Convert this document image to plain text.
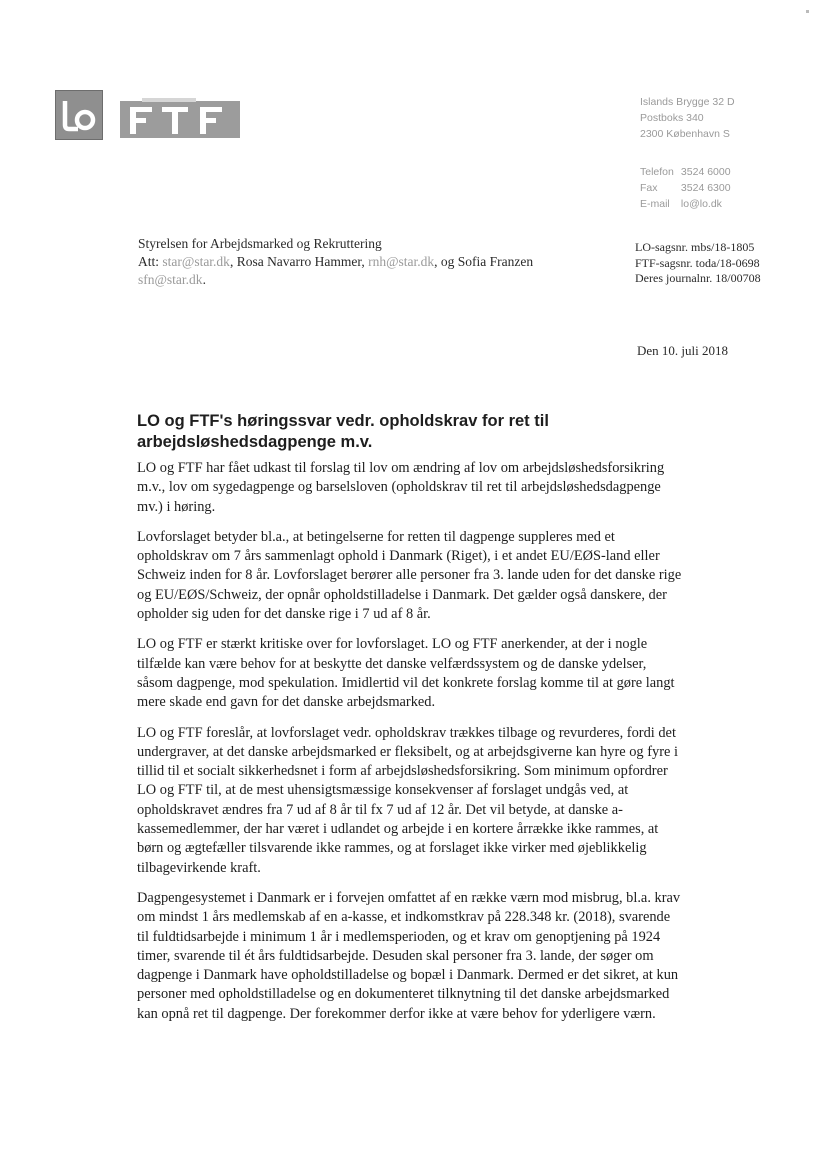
Islands Brygge 32 D
Postboks 340
2300 København S
Telefon 3524 6000
Fax 3524 6300
E-mail lo@lo.dk
Styrelsen for Arbejdsmarked og Rekruttering
Att: star@star.dk, Rosa Navarro Hammer, rnh@star.dk, og Sofia Franzen
sfn@star.dk.
LO-sagsnr. mbs/18-1805
FTF-sagsnr. toda/18-0698
Deres journalnr. 18/00708
Den 10. juli 2018
LO og FTF's høringssvar vedr. opholdskrav for ret til arbejdsløshedsdagpenge m.v.

LO og FTF har fået udkast til forslag til lov om ændring af lov om arbejdsløshedsforsikring m.v., lov om sygedagpenge og barselsloven (opholdskrav til ret til arbejdsløshedsdagpenge mv.) i høring.

Lovforslaget betyder bl.a., at betingelserne for retten til dagpenge suppleres med et opholdskrav om 7 års sammenlagt ophold i Danmark (Riget), i et andet EU/EØS-land eller Schweiz inden for 8 år. Lovforslaget berører alle personer fra 3. lande uden for det danske rige og EU/EØS/Schweiz, der opnår opholdstilladelse i Danmark. Det gælder også danskere, der opholder sig uden for det danske rige i 7 ud af 8 år.

LO og FTF er stærkt kritiske over for lovforslaget. LO og FTF anerkender, at der i nogle tilfælde kan være behov for at beskytte det danske velfærdssystem og de danske ydelser, såsom dagpenge, mod spekulation. Imidlertid vil det konkrete forslag komme til at gøre langt mere skade end gavn for det danske arbejdsmarked.

LO og FTF foreslår, at lovforslaget vedr. opholdskrav trækkes tilbage og revurderes, fordi det undergraver, at det danske arbejdsmarked er fleksibelt, og at arbejdsgiverne kan hyre og fyre i tillid til et socialt sikkerhedsnet i form af arbejdsløshedsforsikring. Som minimum opfordrer LO og FTF til, at de mest uhensigtsmæssige konsekvenser af forslaget undgås ved, at opholdskravet ændres fra 7 ud af 8 år til fx 7 ud af 12 år. Det vil betyde, at danske a-kassemedlemmer, der har været i udlandet og arbejde i en kortere årrække ikke rammes, at børn og ægtefæller tilsvarende ikke rammes, og at forslaget ikke virker med øjeblikkelig tilbagevirkende kraft.

Dagpengesystemet i Danmark er i forvejen omfattet af en række værn mod misbrug, bl.a. krav om mindst 1 års medlemskab af en a-kasse, et indkomstkrav på 228.348 kr. (2018), svarende til fuldtidsarbejde i minimum 1 år i medlemsperioden, og et krav om genoptjening på 1924 timer, svarende til ét års fuldtidsarbejde. Desuden skal personer fra 3. lande, der søger om dagpenge i Danmark have opholdstilladelse og bopæl i Danmark. Dermed er det sikret, at kun personer med opholdstilladelse og en dokumenteret tilknytning til det danske arbejdsmarked kan opnå ret til dagpenge. Der forekommer derfor ikke at være behov for yderligere værn.
